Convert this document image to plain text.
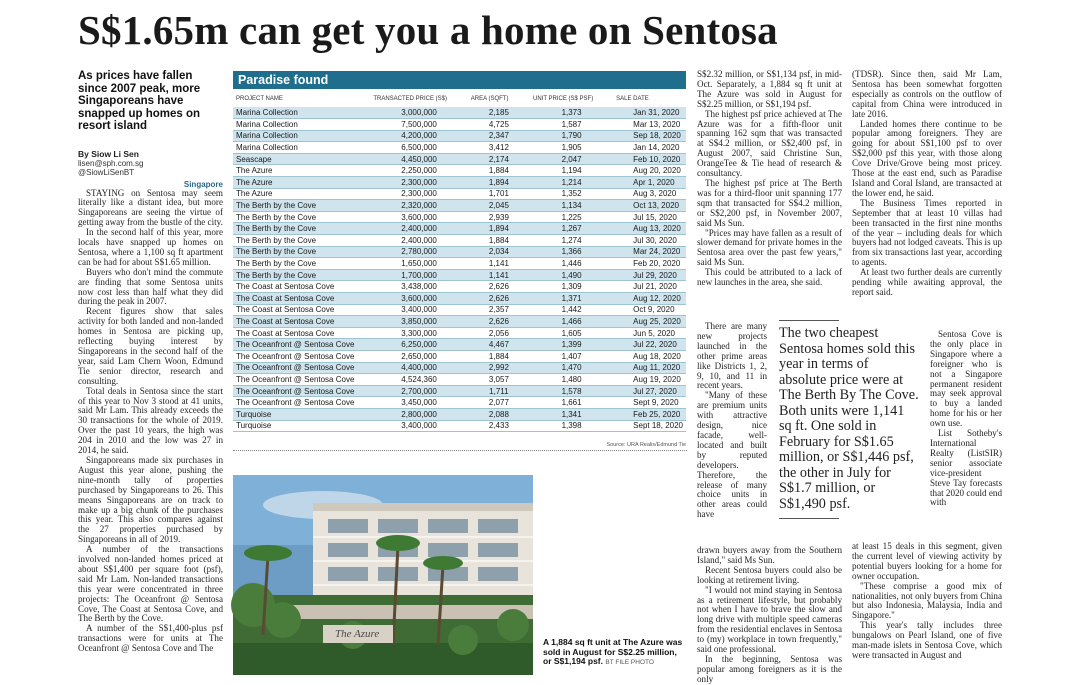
S$1.65m can get you a home on Sentosa
As prices have fallen since 2007 peak, more Singaporeans have snapped up homes on resort island
By Siow Li Sen
lisen@sph.com.sg
@SiowLiSenBT
Singapore

STAYING on Sentosa may seem literally like a distant idea, but more Singaporeans are seeing the virtue of getting away from the bustle of the city.

In the second half of this year, more locals have snapped up homes on Sentosa, where a 1,100 sq ft apartment can be had for about S$1.65 million.

Buyers who don't mind the commute are finding that some Sentosa units now cost less than half what they did during the peak in 2007.

Recent figures show that sales activity for both landed and non-landed homes in Sentosa are picking up, reflecting buying interest by Singaporeans in the second half of the year, said Lam Chern Woon, Edmund Tie senior director, research and consulting.

Total deals in Sentosa since the start of this year to Nov 3 stood at 41 units, said Mr Lam. This already exceeds the 30 transactions for the whole of 2019. Over the past 10 years, the high was 204 in 2010 and the low was 27 in 2014, he said.

Singaporeans made six purchases in August this year alone, pushing the nine-month tally of properties purchased by Singaporeans to 26. This means Singaporeans are on track to make up a big chunk of the purchases this year. This also compares against the 27 properties purchased by Singaporeans in all of 2019.

A number of the transactions involved non-landed homes priced at about S$1,400 per square foot (psf), said Mr Lam. Non-landed transactions this year were concentrated in three projects: The Oceanfront @ Sentosa Cove, The Coast at Sentosa Cove, and The Berth by the Cove.

A number of the S$1,400-plus psf transactions were for units at The Oceanfront @ Sentosa Cove and The

Paradise found
PROJECT NAME	TRANSACTED PRICE (S$)	AREA (SQFT)	UNIT PRICE (S$ PSF)	SALE DATE
Marina Collection	3,000,000	2,185	1,373	Jan 31, 2020
Marina Collection	7,500,000	4,725	1,587	Mar 13, 2020
Marina Collection	4,200,000	2,347	1,790	Sep 18, 2020
Marina Collection	6,500,000	3,412	1,905	Jan 14, 2020
Seascape	4,450,000	2,174	2,047	Feb 10, 2020
The Azure	2,250,000	1,884	1,194	Aug 20, 2020
The Azure	2,300,000	1,894	1,214	Apr 1, 2020
The Azure	2,300,000	1,701	1,352	Aug 3, 2020
The Berth by the Cove	2,320,000	2,045	1,134	Oct 13, 2020
The Berth by the Cove	3,600,000	2,939	1,225	Jul 15, 2020
The Berth by the Cove	2,400,000	1,894	1,267	Aug 13, 2020
The Berth by the Cove	2,400,000	1,884	1,274	Jul 30, 2020
The Berth by the Cove	2,780,000	2,034	1,366	Mar 24, 2020
The Berth by the Cove	1,650,000	1,141	1,446	Feb 20, 2020
The Berth by the Cove	1,700,000	1,141	1,490	Jul 29, 2020
The Coast at Sentosa Cove	3,438,000	2,626	1,309	Jul 21, 2020
The Coast at Sentosa Cove	3,600,000	2,626	1,371	Aug 12, 2020
The Coast at Sentosa Cove	3,400,000	2,357	1,442	Oct 9, 2020
The Coast at Sentosa Cove	3,850,000	2,626	1,466	Aug 25, 2020
The Coast at Sentosa Cove	3,300,000	2,056	1,605	Jun 5, 2020
The Oceanfront @ Sentosa Cove	6,250,000	4,467	1,399	Jul 22, 2020
The Oceanfront @ Sentosa Cove	2,650,000	1,884	1,407	Aug 18, 2020
The Oceanfront @ Sentosa Cove	4,400,000	2,992	1,470	Aug 11, 2020
The Oceanfront @ Sentosa Cove	4,524,360	3,057	1,480	Aug 19, 2020
The Oceanfront @ Sentosa Cove	2,700,000	1,711	1,578	Jul 27, 2020
The Oceanfront @ Sentosa Cove	3,450,000	2,077	1,661	Sept 9, 2020
Turquoise	2,800,000	2,088	1,341	Feb 25, 2020
Turquoise	3,400,000	2,433	1,398	Sept 18, 2020
Source: URA Realis/Edmund Tie
The Azure
A 1,884 sq ft unit at The Azure was sold in August for S$2.25 million, or S$1,194 psf. BT FILE PHOTO

S$2.32 million, or S$1,134 psf, in mid-Oct. Separately, a 1,884 sq ft unit at The Azure was sold in August for S$2.25 million, or S$1,194 psf.

The highest psf price achieved at The Azure was for a fifth-floor unit spanning 162 sqm that was transacted at S$4.2 million, or S$2,400 psf, in August 2007, said Christine Sun, OrangeTee & Tie head of research & consultancy.

The highest psf price at The Berth was for a third-floor unit spanning 177 sqm that transacted for S$4.2 million, or S$2,200 psf, in November 2007, said Ms Sun.

"Prices may have fallen as a result of slower demand for private homes in the Sentosa area over the past few years," said Ms Sun.

This could be attributed to a lack of new launches in the area, she said.

There are many new projects launched in the other prime areas like Districts 1, 2, 9, 10, and 11 in recent years.

"Many of these are premium units with attractive design, nice facade, well-located and built by reputed developers. Therefore, the release of many choice units in other areas could have

drawn buyers away from the Southern Island," said Ms Sun.

Recent Sentosa buyers could also be looking at retirement living.

"I would not mind staying in Sentosa as a retirement lifestyle, but probably not when I have to brave the slow and long drive with multiple speed cameras from the residential enclaves in Sentosa to (my) workplace in town frequently," said one professional.

In the beginning, Sentosa was popular among foreigners as it is the only

The two cheapest Sentosa homes sold this year in terms of absolute price were at The Berth By The Cove. Both units were 1,141 sq ft. One sold in February for S$1.65 million, or S$1,446 psf, the other in July for S$1.7 million, or S$1,490 psf.

(TDSR). Since then, said Mr Lam, Sentosa has been somewhat forgotten especially as controls on the outflow of capital from China were introduced in late 2016.

Landed homes there continue to be popular among foreigners. They are going for about S$1,100 psf to over S$2,000 psf this year, with those along Cove Drive/Grove being most pricey. Those at the east end, such as Paradise Island and Coral Island, are transacted at the lower end, he said.

The Business Times reported in September that at least 10 villas had been transacted in the first nine months of the year – including deals for which buyers had not lodged caveats. This is up from six transactions last year, according to agents.

At least two further deals are currently pending while awaiting approval, the report said.

Sentosa Cove is the only place in Singapore where a foreigner who is not a Singapore permanent resident may seek approval to buy a landed home for his or her own use.

List Sotheby's International Realty (ListSIR) senior associate vice-president Steve Tay forecasts that 2020 could end with

at least 15 deals in this segment, given the current level of viewing activity by potential buyers looking for a home for owner occupation.

"These comprise a good mix of nationalities, not only buyers from China but also Indonesia, Malaysia, India and Singapore."

This year's tally includes three bungalows on Pearl Island, one of five man-made islets in Sentosa Cove, which were transacted in August and
